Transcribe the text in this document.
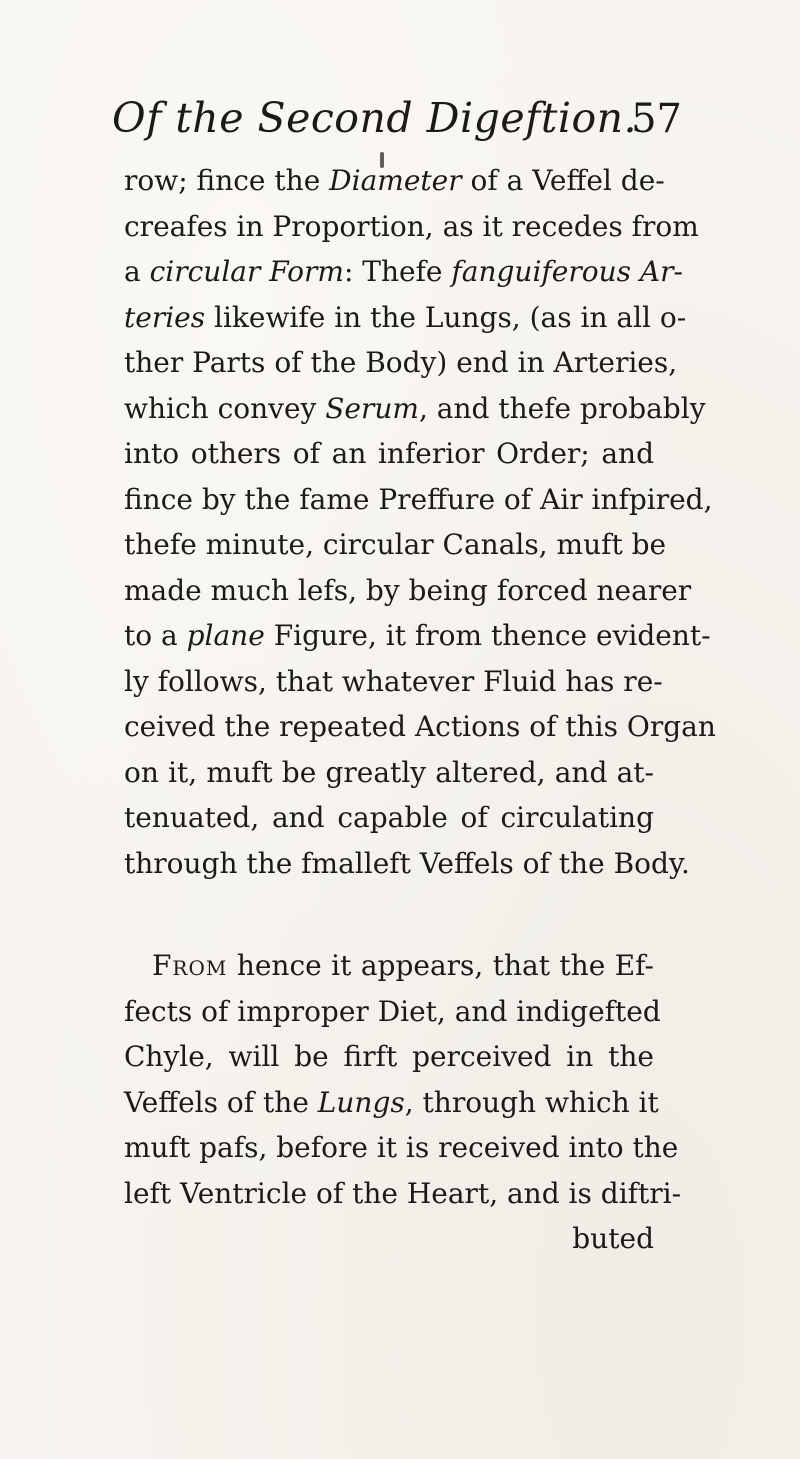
Of the Second Digeftion.
57
row; fince the Diameter of a Veffel de-
creafes in Proportion, as it recedes from
a circular Form: Thefe fanguiferous Ar-
teries likewife in the Lungs, (as in all o-
ther Parts of the Body) end in Arteries,
which convey Serum, and thefe probably
into others of an inferior Order; and
fince by the fame Preffure of Air infpired,
thefe minute, circular Canals, muft be
made much lefs, by being forced nearer
to a plane Figure, it from thence evident-
ly follows, that whatever Fluid has re-
ceived the repeated Actions of this Organ
on it, muft be greatly altered, and at-
tenuated, and capable of circulating
through the fmalleft Veffels of the Body.
From hence it appears, that the Ef-
fects of improper Diet, and indigefted
Chyle, will be firft perceived in the
Veffels of the Lungs, through which it
muft pafs, before it is received into the
left Ventricle of the Heart, and is diftri-
buted
